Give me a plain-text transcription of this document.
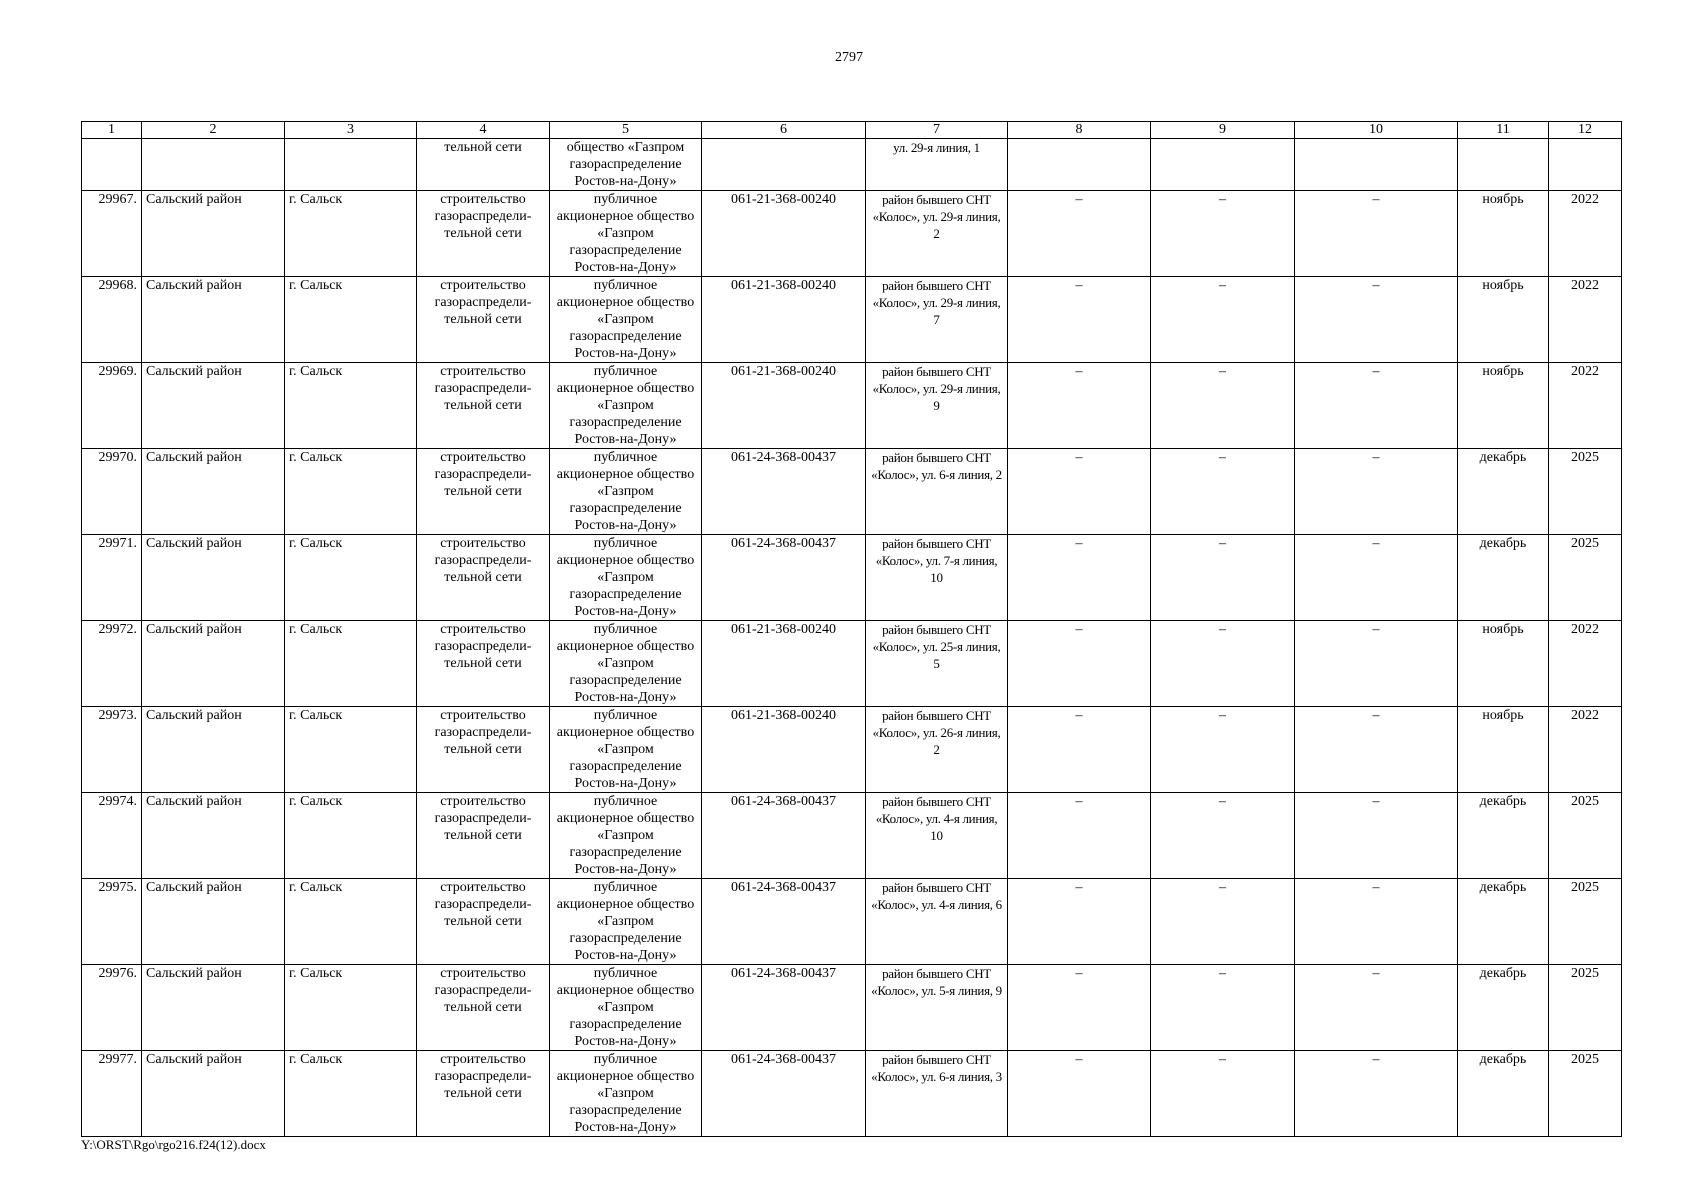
2797
1	2	3	4	5	6	7	8	9	10	11	12
			тельной сети	общество «Газпром газораспределение Ростов-на-Дону»		ул. 29-я линия, 1					
29967.	Сальский район	г. Сальск	строительство газораспредели-тельной сети	публичное акционерное общество «Газпром газораспределение Ростов-на-Дону»	061-21-368-00240	район бывшего СНТ «Колос», ул. 29-я линия, 2	–	–	–	ноябрь	2022
29968.	Сальский район	г. Сальск	строительство газораспредели-тельной сети	публичное акционерное общество «Газпром газораспределение Ростов-на-Дону»	061-21-368-00240	район бывшего СНТ «Колос», ул. 29-я линия, 7	–	–	–	ноябрь	2022
29969.	Сальский район	г. Сальск	строительство газораспредели-тельной сети	публичное акционерное общество «Газпром газораспределение Ростов-на-Дону»	061-21-368-00240	район бывшего СНТ «Колос», ул. 29-я линия, 9	–	–	–	ноябрь	2022
29970.	Сальский район	г. Сальск	строительство газораспредели-тельной сети	публичное акционерное общество «Газпром газораспределение Ростов-на-Дону»	061-24-368-00437	район бывшего СНТ «Колос», ул. 6-я линия, 2	–	–	–	декабрь	2025
29971.	Сальский район	г. Сальск	строительство газораспредели-тельной сети	публичное акционерное общество «Газпром газораспределение Ростов-на-Дону»	061-24-368-00437	район бывшего СНТ «Колос», ул. 7-я линия, 10	–	–	–	декабрь	2025
29972.	Сальский район	г. Сальск	строительство газораспредели-тельной сети	публичное акционерное общество «Газпром газораспределение Ростов-на-Дону»	061-21-368-00240	район бывшего СНТ «Колос», ул. 25-я линия, 5	–	–	–	ноябрь	2022
29973.	Сальский район	г. Сальск	строительство газораспредели-тельной сети	публичное акционерное общество «Газпром газораспределение Ростов-на-Дону»	061-21-368-00240	район бывшего СНТ «Колос», ул. 26-я линия, 2	–	–	–	ноябрь	2022
29974.	Сальский район	г. Сальск	строительство газораспредели-тельной сети	публичное акционерное общество «Газпром газораспределение Ростов-на-Дону»	061-24-368-00437	район бывшего СНТ «Колос», ул. 4-я линия, 10	–	–	–	декабрь	2025
29975.	Сальский район	г. Сальск	строительство газораспредели-тельной сети	публичное акционерное общество «Газпром газораспределение Ростов-на-Дону»	061-24-368-00437	район бывшего СНТ «Колос», ул. 4-я линия, 6	–	–	–	декабрь	2025
29976.	Сальский район	г. Сальск	строительство газораспредели-тельной сети	публичное акционерное общество «Газпром газораспределение Ростов-на-Дону»	061-24-368-00437	район бывшего СНТ «Колос», ул. 5-я линия, 9	–	–	–	декабрь	2025
29977.	Сальский район	г. Сальск	строительство газораспредели-тельной сети	публичное акционерное общество «Газпром газораспределение Ростов-на-Дону»	061-24-368-00437	район бывшего СНТ «Колос», ул. 6-я линия, 3	–	–	–	декабрь	2025
Y:\ORST\Rgo\rgo216.f24(12).docx
